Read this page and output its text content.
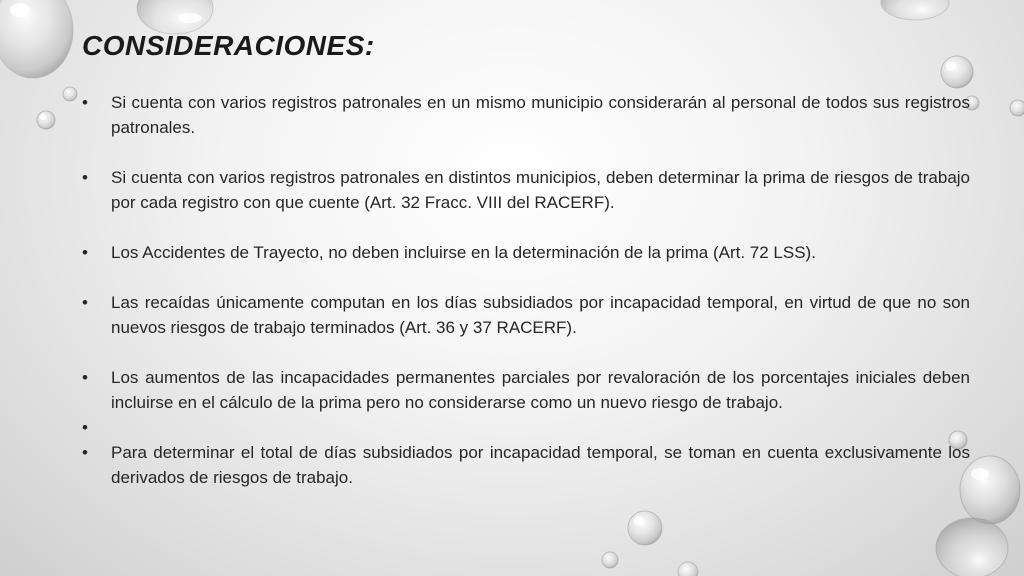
CONSIDERACIONES:
• Si cuenta con varios registros patronales en un mismo municipio considerarán al personal de todos sus registros patronales.
• Si cuenta con varios registros patronales en distintos municipios, deben determinar la prima de riesgos de trabajo por cada registro con que cuente (Art. 32 Fracc. VIII del RACERF).
• Los Accidentes de Trayecto, no deben incluirse en la determinación de la prima (Art. 72 LSS).
• Las recaídas únicamente computan en los días subsidiados por incapacidad temporal, en virtud de que no son nuevos riesgos de trabajo terminados (Art. 36 y 37 RACERF).
• Los aumentos de las incapacidades permanentes parciales por revaloración de los porcentajes iniciales deben incluirse en el cálculo de la prima pero no considerarse como un nuevo riesgo de trabajo.
•
• Para determinar el total de días subsidiados por incapacidad temporal, se toman en cuenta exclusivamente los derivados de riesgos de trabajo.
